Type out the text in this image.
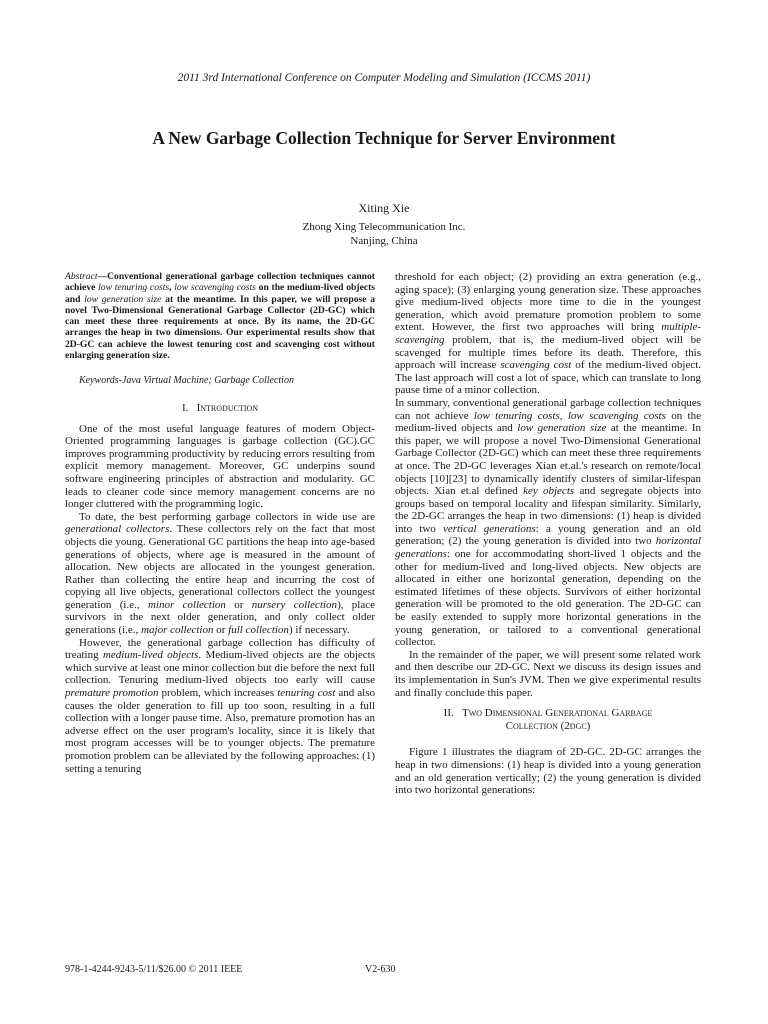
2011 3rd International Conference on Computer Modeling and Simulation (ICCMS 2011)
A New Garbage Collection Technique for Server Environment
Xiting Xie
Zhong Xing Telecommunication Inc.
Nanjing, China

Abstract—Conventional generational garbage collection techniques cannot achieve low tenuring costs, low scavenging costs on the medium-lived objects and low generation size at the meantime. In this paper, we will propose a novel Two-Dimensional Generational Garbage Collector (2D-GC) which can meet these three requirements at once. By its name, the 2D-GC arranges the heap in two dimensions. Our experimental results show that 2D-GC can achieve the lowest tenuring cost and scavenging cost without enlarging generation size.

Keywords-Java Virtual Machine; Garbage Collection

I. Introduction

One of the most useful language features of modern Object-Oriented programming languages is garbage collection (GC).GC improves programming productivity by reducing errors resulting from explicit memory management. Moreover, GC underpins sound software engineering principles of abstraction and modularity. GC leads to cleaner code since memory management concerns are no longer cluttered with the programming logic.

To date, the best performing garbage collectors in wide use are generational collectors. These collectors rely on the fact that most objects die young. Generational GC partitions the heap into age-based generations of objects, where age is measured in the amount of allocation. New objects are allocated in the youngest generation. Rather than collecting the entire heap and incurring the cost of copying all live objects, generational collectors collect the youngest generation (i.e., minor collection or nursery collection), place survivors in the next older generation, and only collect older generations (i.e., major collection or full collection) if necessary.

However, the generational garbage collection has difficulty of treating medium-lived objects. Medium-lived objects are the objects which survive at least one minor collection but die before the next full collection. Tenuring medium-lived objects too early will cause premature promotion problem, which increases tenuring cost and also causes the older generation to fill up too soon, resulting in a full collection with a longer pause time. Also, premature promotion has an adverse effect on the user program's locality, since it is likely that most program accesses will be to younger objects. The premature promotion problem can be alleviated by the following approaches: (1) setting a tenuring

threshold for each object; (2) providing an extra generation (e.g., aging space); (3) enlarging young generation size. These approaches give medium-lived objects more time to die in the youngest generation, which avoid premature promotion problem to some extent. However, the first two approaches will bring multiple-scavenging problem, that is, the medium-lived object will be scavenged for multiple times before its death. Therefore, this approach will increase scavenging cost of the medium-lived object. The last approach will cost a lot of space, which can translate to long pause time of a minor collection.

In summary, conventional generational garbage collection techniques can not achieve low tenuring costs, low scavenging costs on the medium-lived objects and low generation size at the meantime. In this paper, we will propose a novel Two-Dimensional Generational Garbage Collector (2D-GC) which can meet these three requirements at once. The 2D-GC leverages Xian et.al.'s research on remote/local objects [10][23] to dynamically identify clusters of similar-lifespan objects. Xian et.al defined key objects and segregate objects into groups based on temporal locality and lifespan similarity. Similarly, the 2D-GC arranges the heap in two dimensions: (1) heap is divided into two vertical generations: a young generation and an old generation; (2) the young generation is divided into two horizontal generations: one for accommodating short-lived 1 objects and the other for medium-lived and long-lived objects. New objects are allocated in either one horizontal generation, depending on the estimated lifetimes of these objects. Survivors of either horizontal generation will be promoted to the old generation. The 2D-GC can be easily extended to supply more horizontal generations in the young generation, or tailored to a conventional generational collector.

In the remainder of the paper, we will present some related work and then describe our 2D-GC. Next we discuss its design issues and its implementation in Sun's JVM. Then we give experimental results and finally conclude this paper.

II. Two Dimensional Generational Garbage
Collection (2dgc)

Figure 1 illustrates the diagram of 2D-GC. 2D-GC arranges the heap in two dimensions: (1) heap is divided into a young generation and an old generation vertically; (2) the young generation is divided into two horizontal generations:

978-1-4244-9243-5/11/$26.00 © 2011 IEEE	V2-630
